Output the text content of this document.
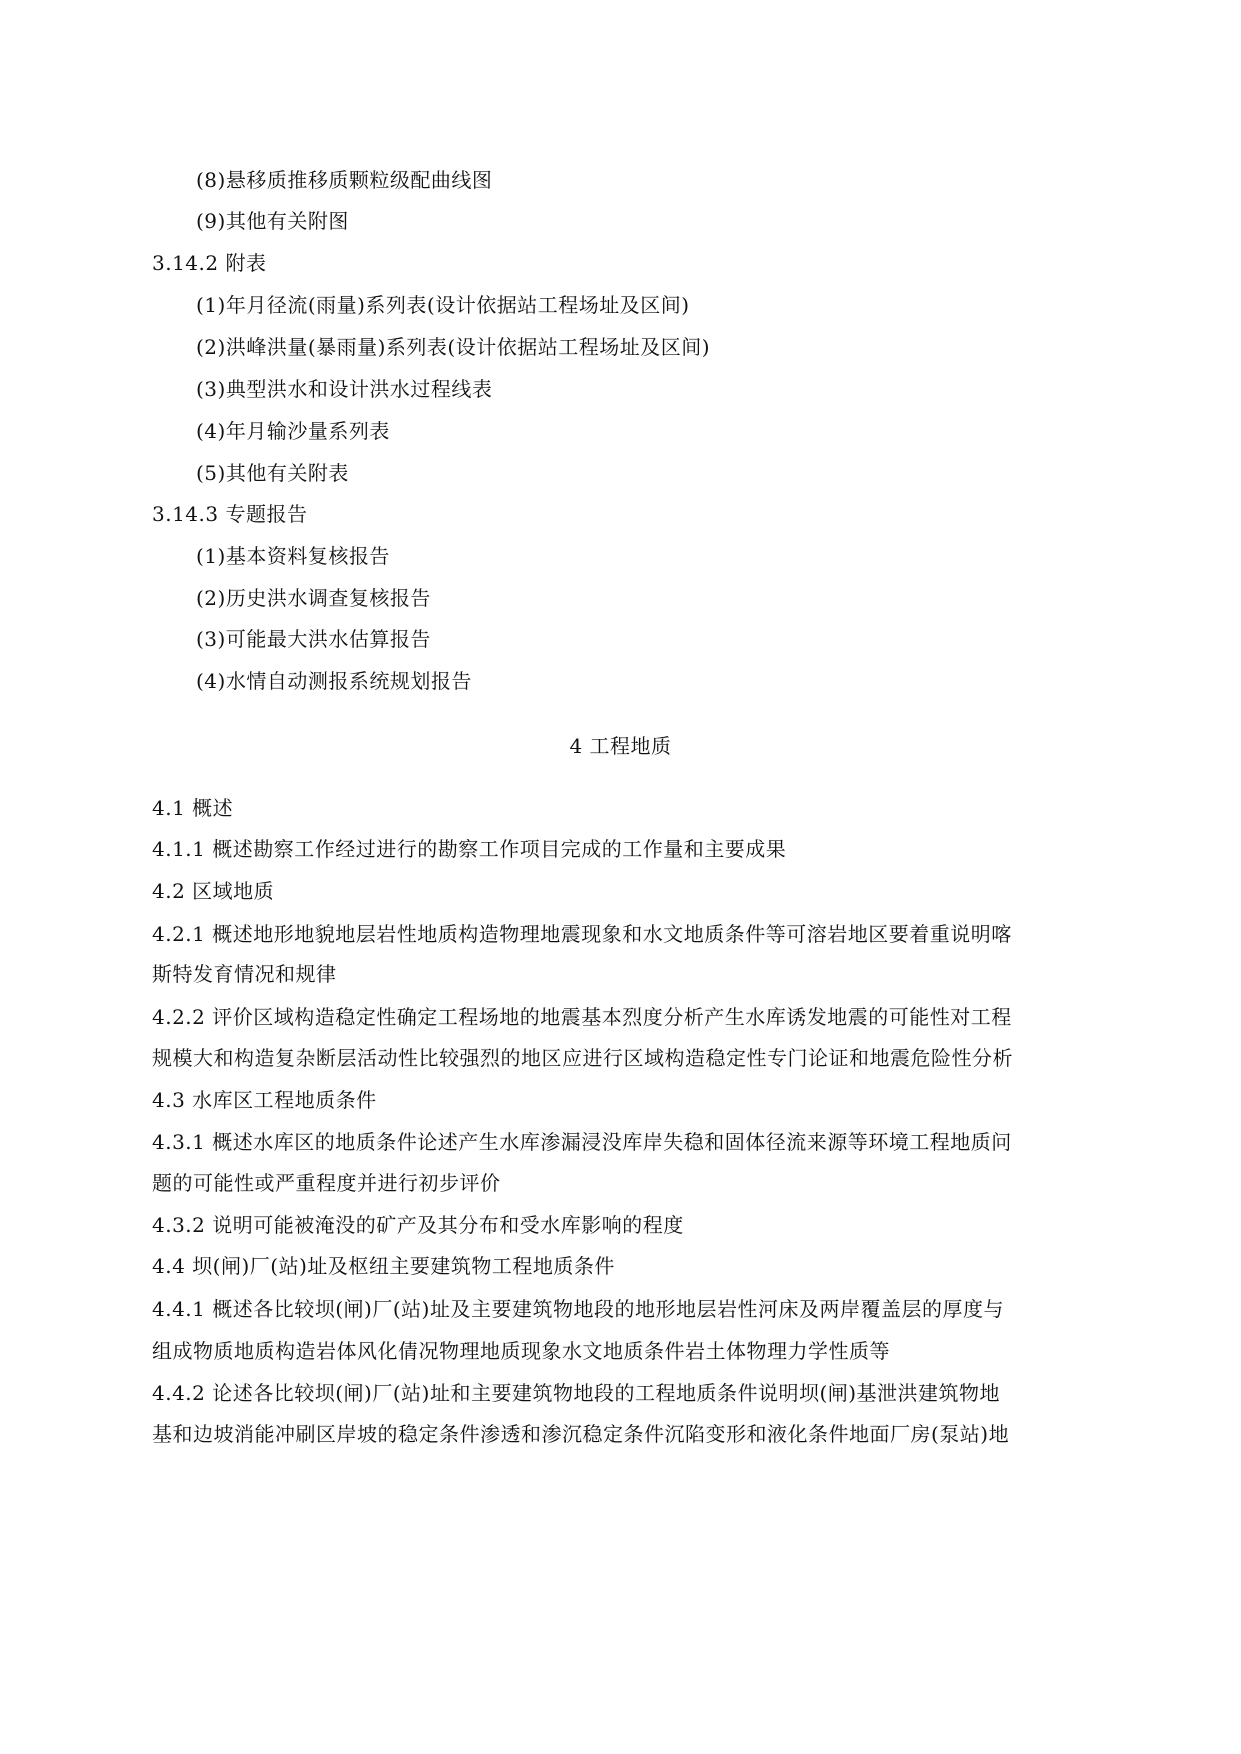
(8)悬移质推移质颗粒级配曲线图
(9)其他有关附图
3.14.2 附表
(1)年月径流(雨量)系列表(设计依据站工程场址及区间)
(2)洪峰洪量(暴雨量)系列表(设计依据站工程场址及区间)
(3)典型洪水和设计洪水过程线表
(4)年月输沙量系列表
(5)其他有关附表
3.14.3 专题报告
(1)基本资料复核报告
(2)历史洪水调查复核报告
(3)可能最大洪水估算报告
(4)水情自动测报系统规划报告
4 工程地质
4.1 概述
4.1.1 概述勘察工作经过进行的勘察工作项目完成的工作量和主要成果
4.2 区域地质
4.2.1 概述地形地貌地层岩性地质构造物理地震现象和水文地质条件等可溶岩地区要着重说明喀
斯特发育情况和规律
4.2.2 评价区域构造稳定性确定工程场地的地震基本烈度分析产生水库诱发地震的可能性对工程
规模大和构造复杂断层活动性比较强烈的地区应进行区域构造稳定性专门论证和地震危险性分析
4.3 水库区工程地质条件
4.3.1 概述水库区的地质条件论述产生水库渗漏浸没库岸失稳和固体径流来源等环境工程地质问
题的可能性或严重程度并进行初步评价
4.3.2 说明可能被淹没的矿产及其分布和受水库影响的程度
4.4 坝(闸)厂(站)址及枢纽主要建筑物工程地质条件
4.4.1 概述各比较坝(闸)厂(站)址及主要建筑物地段的地形地层岩性河床及两岸覆盖层的厚度与
组成物质地质构造岩体风化倩况物理地质现象水文地质条件岩土体物理力学性质等
4.4.2 论述各比较坝(闸)厂(站)址和主要建筑物地段的工程地质条件说明坝(闸)基泄洪建筑物地
基和边坡消能冲刷区岸坡的稳定条件渗透和渗沉稳定条件沉陷变形和液化条件地面厂房(泵站)地
